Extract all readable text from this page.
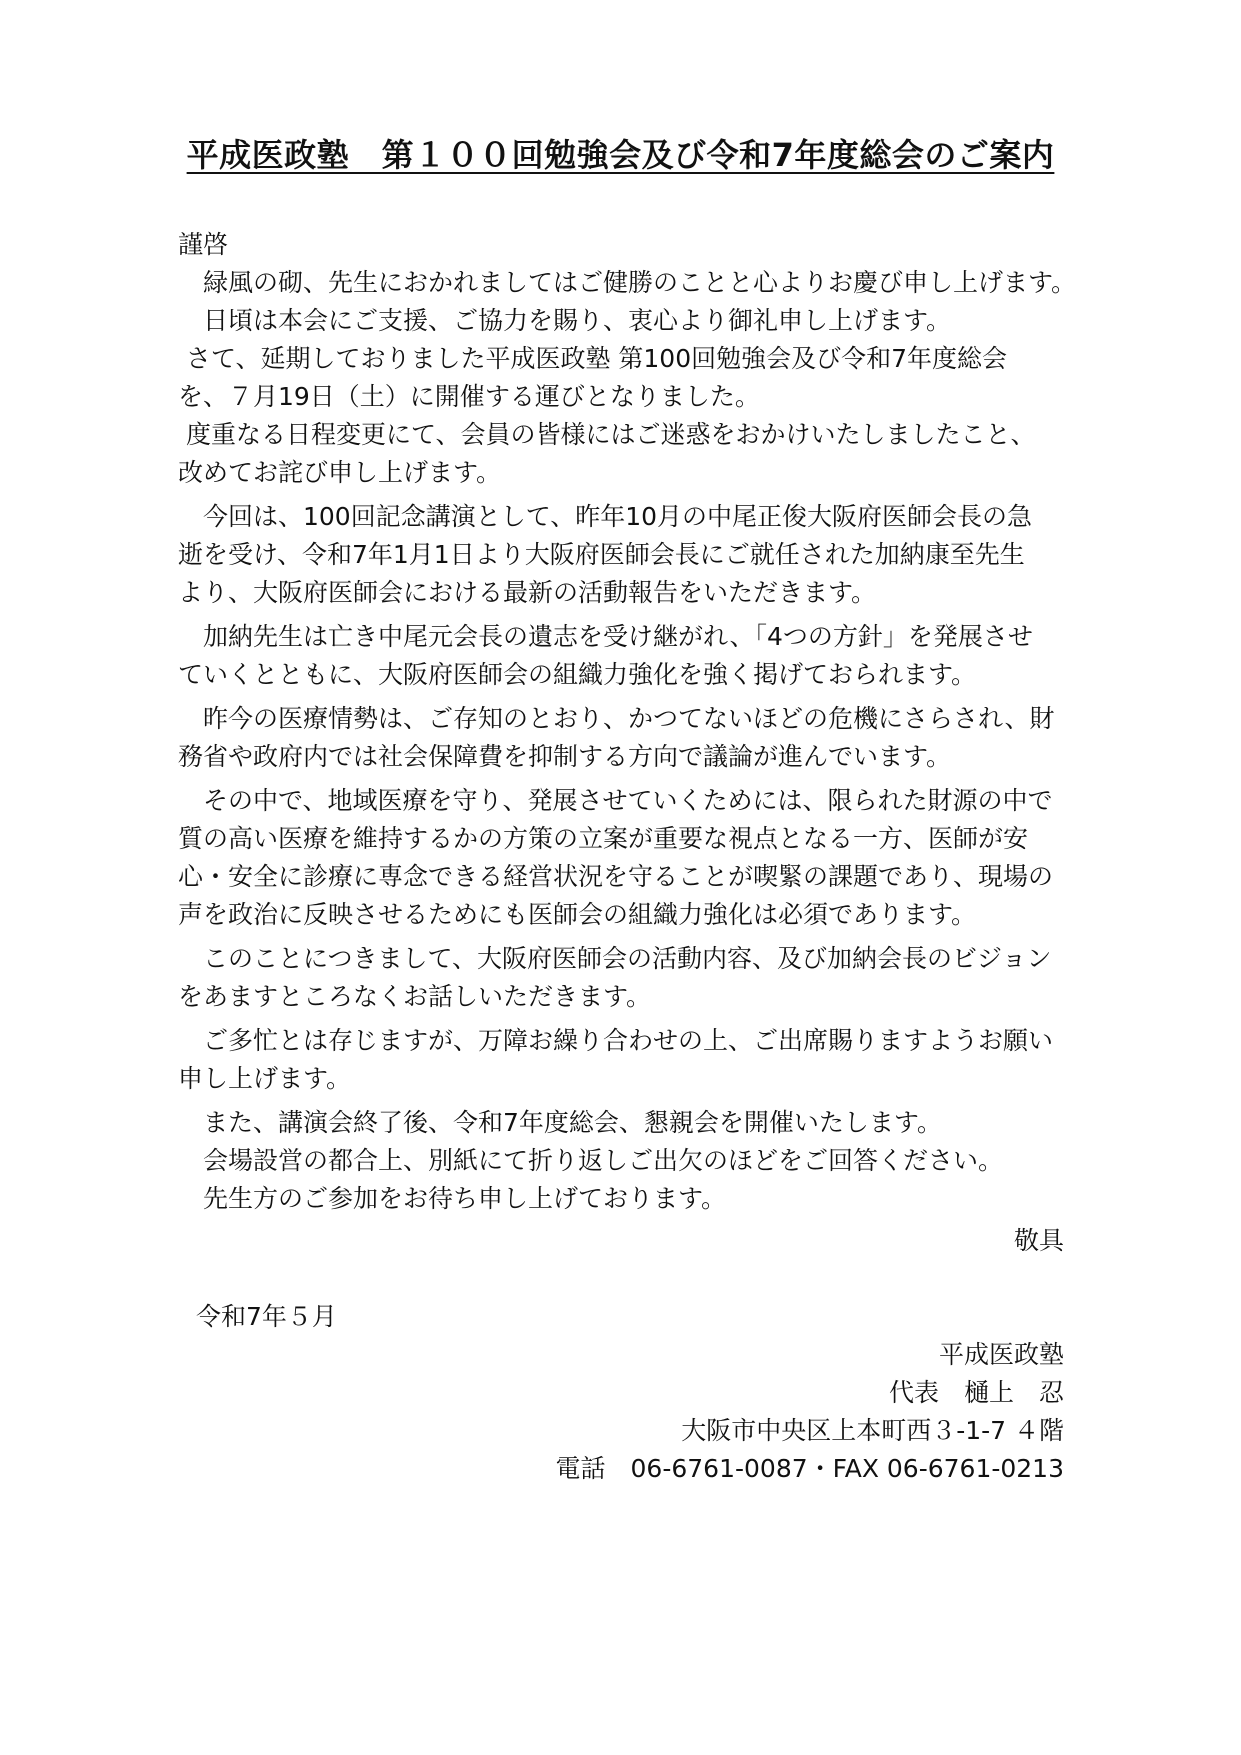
平成医政塾　第１００回勉強会及び令和7年度総会のご案内
謹啓
　緑風の砌、先生におかれましてはご健勝のことと心よりお慶び申し上げます。
　日頃は本会にご支援、ご協力を賜り、衷心より御礼申し上げます。
さて、延期しておりました平成医政塾 第100回勉強会及び令和7年度総会
を、７月19日（土）に開催する運びとなりました。
度重なる日程変更にて、会員の皆様にはご迷惑をおかけいたしましたこと、
改めてお詫び申し上げます。
　今回は、100回記念講演として、昨年10月の中尾正俊大阪府医師会長の急
逝を受け、令和7年1月1日より大阪府医師会長にご就任された加納康至先生
より、大阪府医師会における最新の活動報告をいただきます。
　加納先生は亡き中尾元会長の遺志を受け継がれ、「4つの方針」を発展させ
ていくとともに、大阪府医師会の組織力強化を強く掲げておられます。
　昨今の医療情勢は、ご存知のとおり、かつてないほどの危機にさらされ、財
務省や政府内では社会保障費を抑制する方向で議論が進んでいます。
　その中で、地域医療を守り、発展させていくためには、限られた財源の中で
質の高い医療を維持するかの方策の立案が重要な視点となる一方、医師が安
心・安全に診療に専念できる経営状況を守ることが喫緊の課題であり、現場の
声を政治に反映させるためにも医師会の組織力強化は必須であります。
　このことにつきまして、大阪府医師会の活動内容、及び加納会長のビジョン
をあますところなくお話しいただきます。
　ご多忙とは存じますが、万障お繰り合わせの上、ご出席賜りますようお願い
申し上げます。
　また、講演会終了後、令和7年度総会、懇親会を開催いたします。
　会場設営の都合上、別紙にて折り返しご出欠のほどをご回答ください。
　先生方のご参加をお待ち申し上げております。
敬具
令和7年５月
平成医政塾
代表　樋上　忍
大阪市中央区上本町西３-1-7 ４階
電話　06-6761-0087・FAX 06-6761-0213
